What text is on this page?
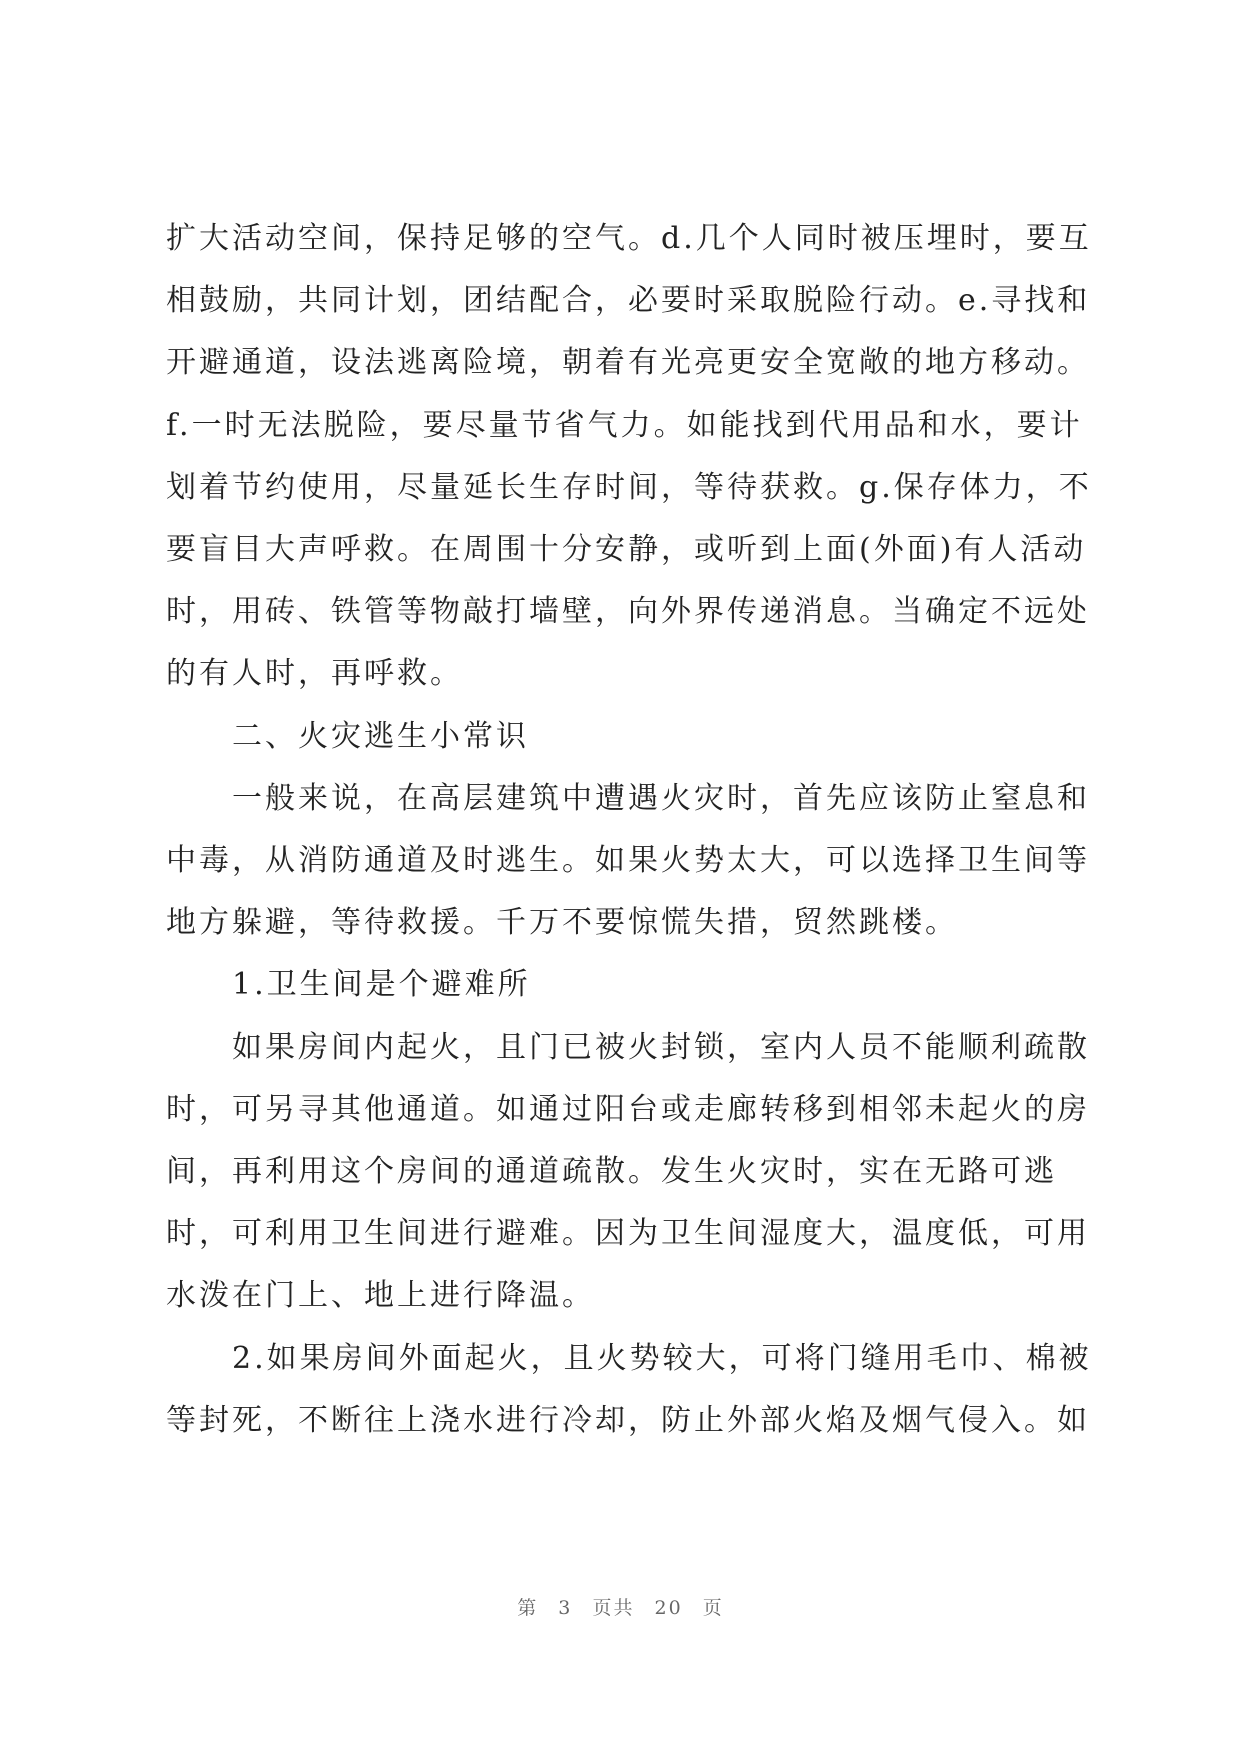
扩大活动空间，保持足够的空气。d.几个人同时被压埋时，要互
相鼓励，共同计划，团结配合，必要时采取脱险行动。e.寻找和
开避通道，设法逃离险境，朝着有光亮更安全宽敞的地方移动。
f.一时无法脱险，要尽量节省气力。如能找到代用品和水，要计
划着节约使用，尽量延长生存时间，等待获救。g.保存体力，不
要盲目大声呼救。在周围十分安静，或听到上面(外面)有人活动
时，用砖、铁管等物敲打墙壁，向外界传递消息。当确定不远处
的有人时，再呼救。
二、火灾逃生小常识
一般来说，在高层建筑中遭遇火灾时，首先应该防止窒息和
中毒，从消防通道及时逃生。如果火势太大，可以选择卫生间等
地方躲避，等待救援。千万不要惊慌失措，贸然跳楼。
1.卫生间是个避难所
如果房间内起火，且门已被火封锁，室内人员不能顺利疏散
时，可另寻其他通道。如通过阳台或走廊转移到相邻未起火的房
间，再利用这个房间的通道疏散。发生火灾时，实在无路可逃
时，可利用卫生间进行避难。因为卫生间湿度大，温度低，可用
水泼在门上、地上进行降温。
2.如果房间外面起火，且火势较大，可将门缝用毛巾、棉被
等封死，不断往上浇水进行冷却，防止外部火焰及烟气侵入。如
第 3 页共 20 页
